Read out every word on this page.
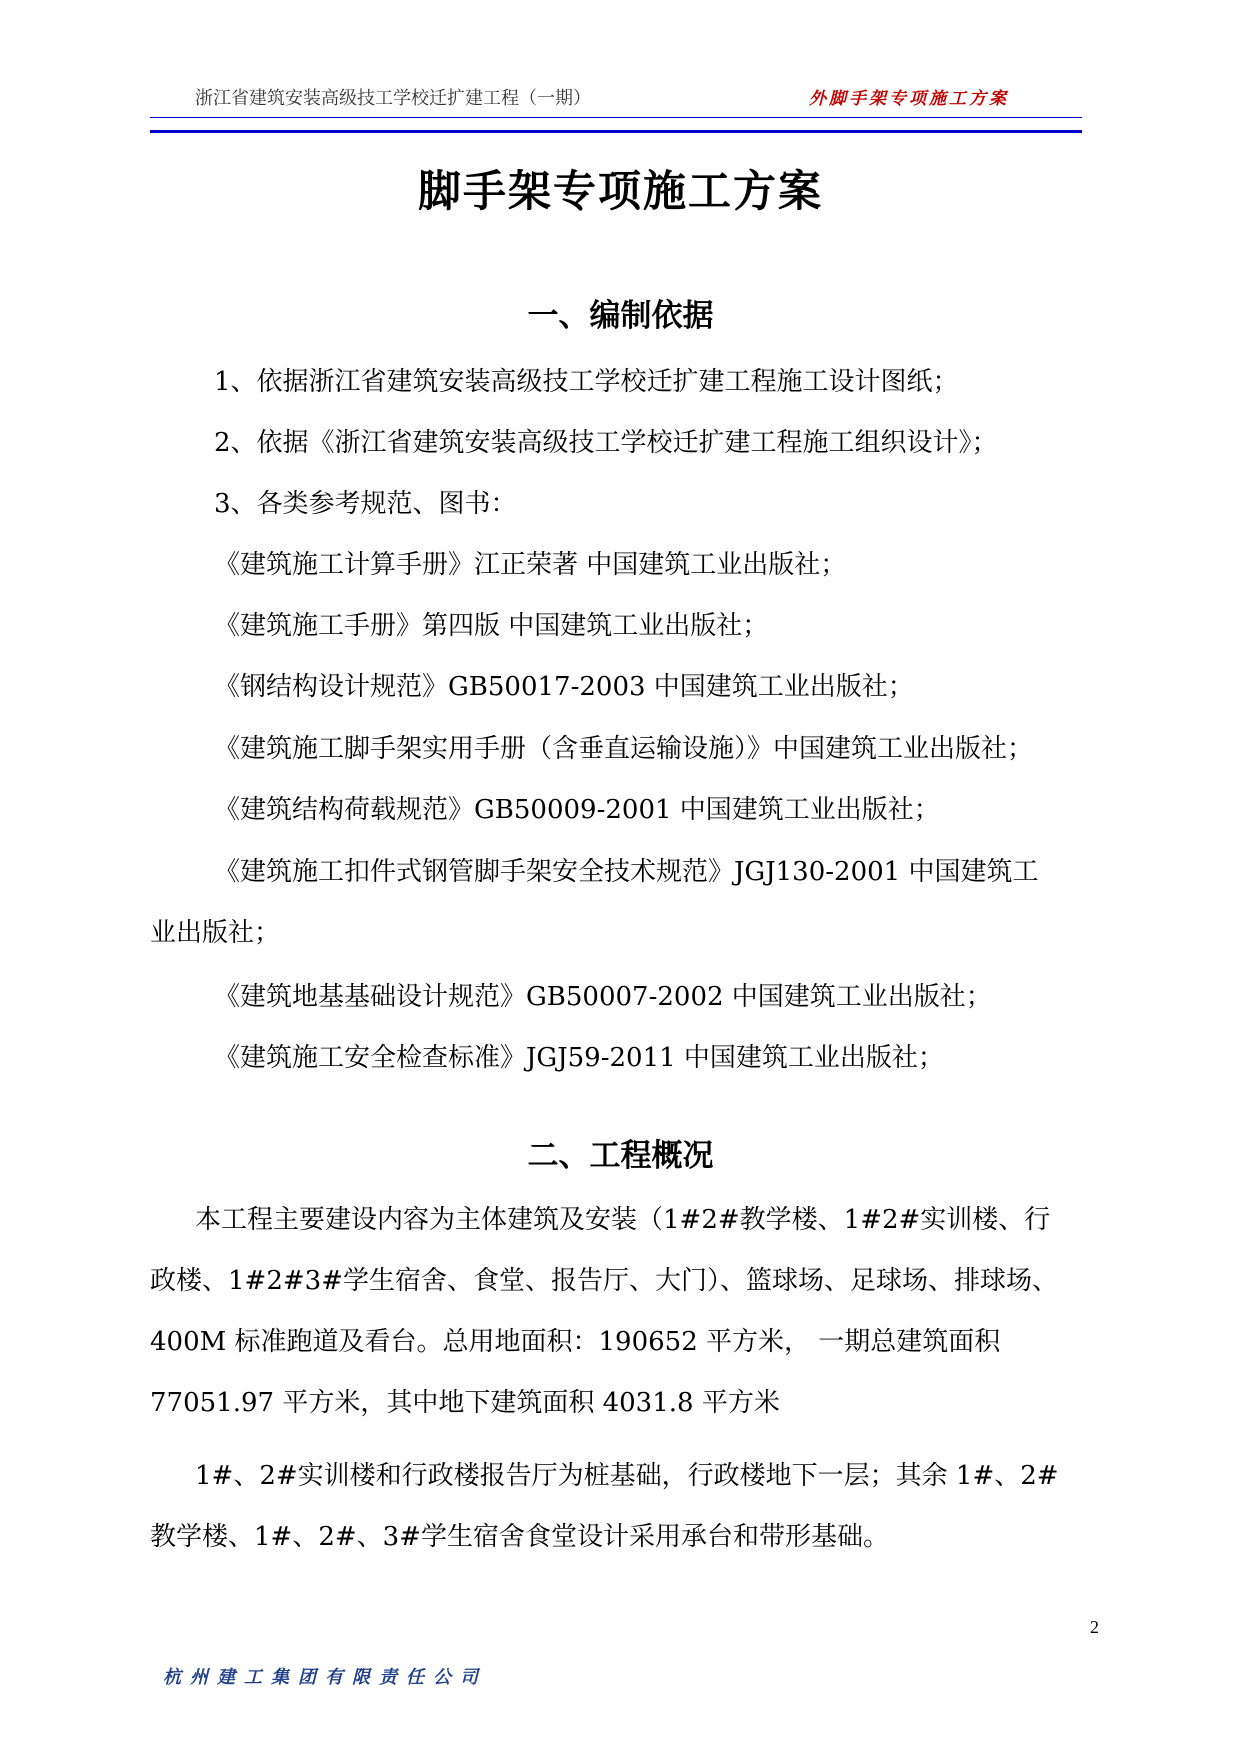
浙江省建筑安装高级技工学校迁扩建工程（一期）	外脚手架专项施工方案
脚手架专项施工方案
一、编制依据
1、依据浙江省建筑安装高级技工学校迁扩建工程施工设计图纸；
2、依据《浙江省建筑安装高级技工学校迁扩建工程施工组织设计》；
3、各类参考规范、图书：
《建筑施工计算手册》江正荣著 中国建筑工业出版社；
《建筑施工手册》第四版 中国建筑工业出版社；
《钢结构设计规范》GB50017-2003 中国建筑工业出版社；
《建筑施工脚手架实用手册（含垂直运输设施）》中国建筑工业出版社；
《建筑结构荷载规范》GB50009-2001 中国建筑工业出版社；
《建筑施工扣件式钢管脚手架安全技术规范》JGJ130-2001 中国建筑工
业出版社；
《建筑地基基础设计规范》GB50007-2002 中国建筑工业出版社；
《建筑施工安全检查标准》JGJ59-2011 中国建筑工业出版社；
二、工程概况
本工程主要建设内容为主体建筑及安装（1#2#教学楼、1#2#实训楼、行
政楼、1#2#3#学生宿舍、食堂、报告厅、大门）、篮球场、足球场、排球场、
400M 标准跑道及看台。总用地面积：190652 平方米， 一期总建筑面积
77051.97 平方米，其中地下建筑面积 4031.8 平方米
1#、2#实训楼和行政楼报告厅为桩基础，行政楼地下一层；其余 1#、2#
教学楼、1#、2#、3#学生宿舍食堂设计采用承台和带形基础。
2
杭州建工集团有限责任公司
